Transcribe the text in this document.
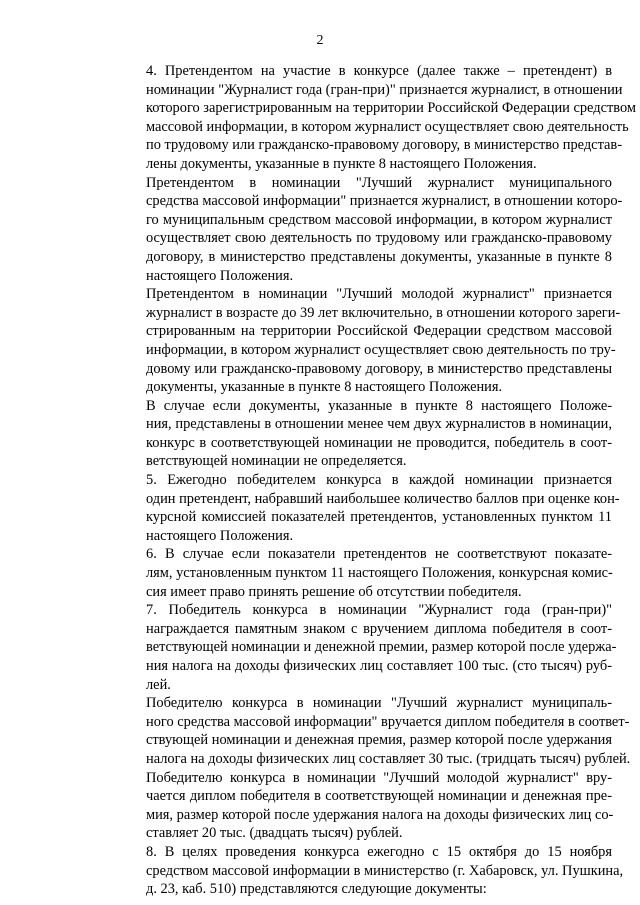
2

4. Претендентом на участие в конкурсе (далее также – претендент) в
номинации "Журналист года (гран-при)" признается журналист, в отношении
которого зарегистрированным на территории Российской Федерации средством
массовой информации, в котором журналист осуществляет свою деятельность
по трудовому или гражданско-правовому договору, в министерство представ-
лены документы, указанные в пункте 8 настоящего Положения.

Претендентом в номинации "Лучший журналист муниципального
средства массовой информации" признается журналист, в отношении которо-
го муниципальным средством массовой информации, в котором журналист
осуществляет свою деятельность по трудовому или гражданско-правовому
договору, в министерство представлены документы, указанные в пункте 8
настоящего Положения.

Претендентом в номинации "Лучший молодой журналист" признается
журналист в возрасте до 39 лет включительно, в отношении которого зареги-
стрированным на территории Российской Федерации средством массовой
информации, в котором журналист осуществляет свою деятельность по тру-
довому или гражданско-правовому договору, в министерство представлены
документы, указанные в пункте 8 настоящего Положения.

В случае если документы, указанные в пункте 8 настоящего Положе-
ния, представлены в отношении менее чем двух журналистов в номинации,
конкурс в соответствующей номинации не проводится, победитель в соот-
ветствующей номинации не определяется.

5. Ежегодно победителем конкурса в каждой номинации признается
один претендент, набравший наибольшее количество баллов при оценке кон-
курсной комиссией показателей претендентов, установленных пунктом 11
настоящего Положения.

6. В случае если показатели претендентов не соответствуют показате-
лям, установленным пунктом 11 настоящего Положения, конкурсная комис-
сия имеет право принять решение об отсутствии победителя.

7. Победитель конкурса в номинации "Журналист года (гран-при)"
награждается памятным знаком с вручением диплома победителя в соот-
ветствующей номинации и денежной премии, размер которой после удержа-
ния налога на доходы физических лиц составляет 100 тыс. (сто тысяч) руб-
лей.

Победителю конкурса в номинации "Лучший журналист муниципаль-
ного средства массовой информации" вручается диплом победителя в соответ-
ствующей номинации и денежная премия, размер которой после удержания
налога на доходы физических лиц составляет 30 тыс. (тридцать тысяч) рублей.

Победителю конкурса в номинации "Лучший молодой журналист" вру-
чается диплом победителя в соответствующей номинации и денежная пре-
мия, размер которой после удержания налога на доходы физических лиц со-
ставляет 20 тыс. (двадцать тысяч) рублей.

8. В целях проведения конкурса ежегодно с 15 октября до 15 ноября
средством массовой информации в министерство (г. Хабаровск, ул. Пушкина,
д. 23, каб. 510) представляются следующие документы:
